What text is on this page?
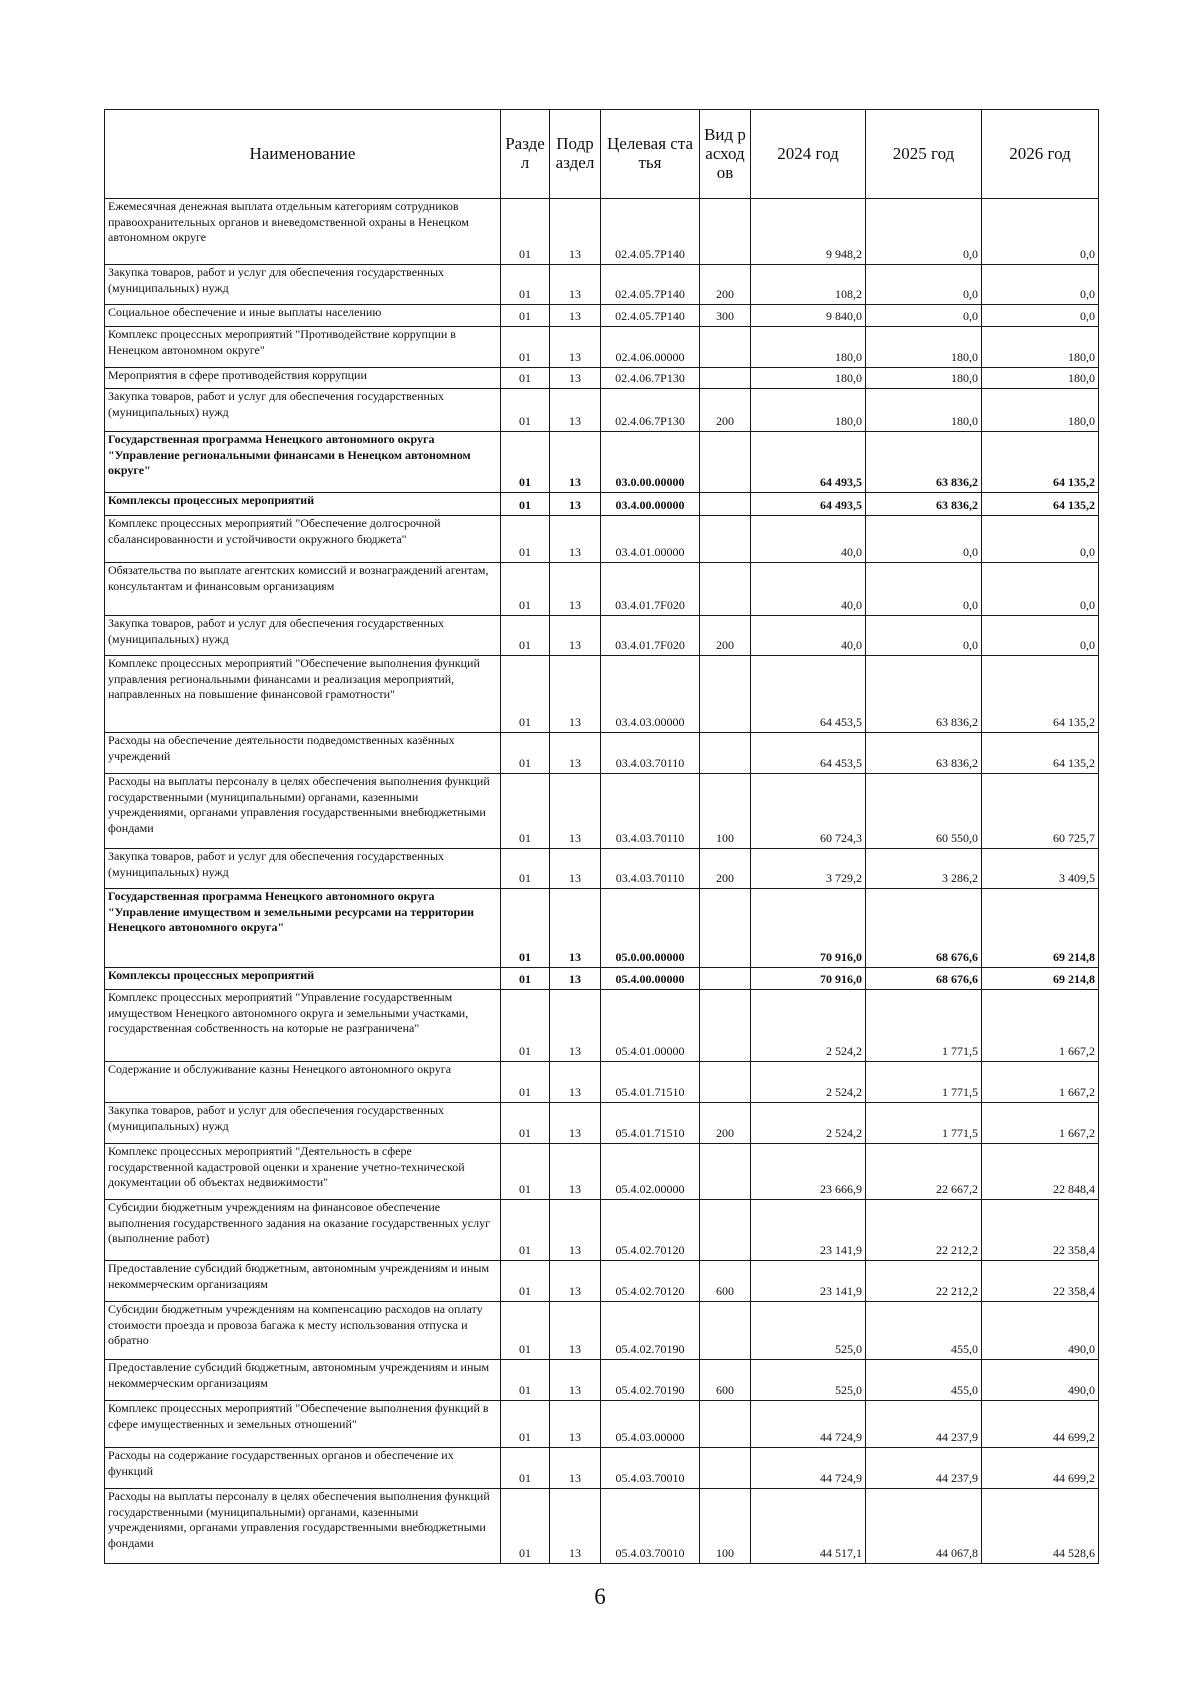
Наименование	Раздел	Подраздел	Целевая статья	Вид расходов	2024 год	2025 год	2026 год

Ежемесячная денежная выплата отдельным категориям сотрудников правоохранительных органов и вневедомственной охраны в Ненецком автономном округе	01	13	02.4.05.7P140		9 948,2	0,0	0,0

Закупка товаров, работ и услуг для обеспечения государственных (муниципальных) нужд	01	13	02.4.05.7P140	200	108,2	0,0	0,0

Социальное обеспечение и иные выплаты населению	01	13	02.4.05.7P140	300	9 840,0	0,0	0,0

Комплекс процессных мероприятий "Противодействие коррупции в Ненецком автономном округе"	01	13	02.4.06.00000		180,0	180,0	180,0

Мероприятия в сфере противодействия коррупции	01	13	02.4.06.7P130		180,0	180,0	180,0

Закупка товаров, работ и услуг для обеспечения государственных (муниципальных) нужд	01	13	02.4.06.7P130	200	180,0	180,0	180,0

Государственная программа Ненецкого автономного округа "Управление региональными финансами в Ненецком автономном округе"	01	13	03.0.00.00000		64 493,5	63 836,2	64 135,2

Комплексы процессных мероприятий	01	13	03.4.00.00000		64 493,5	63 836,2	64 135,2

Комплекс процессных мероприятий "Обеспечение долгосрочной сбалансированности и устойчивости окружного бюджета"	01	13	03.4.01.00000		40,0	0,0	0,0

Обязательства по выплате агентских комиссий и вознаграждений агентам, консультантам и финансовым организациям	01	13	03.4.01.7F020		40,0	0,0	0,0

Закупка товаров, работ и услуг для обеспечения государственных (муниципальных) нужд	01	13	03.4.01.7F020	200	40,0	0,0	0,0

Комплекс процессных мероприятий "Обеспечение выполнения функций управления региональными финансами и реализация мероприятий, направленных на повышение финансовой грамотности"	01	13	03.4.03.00000		64 453,5	63 836,2	64 135,2

Расходы на обеспечение деятельности подведомственных казённых учреждений	01	13	03.4.03.70110		64 453,5	63 836,2	64 135,2

Расходы на выплаты персоналу в целях обеспечения выполнения функций государственными (муниципальными) органами, казенными учреждениями, органами управления государственными внебюджетными фондами	01	13	03.4.03.70110	100	60 724,3	60 550,0	60 725,7

Закупка товаров, работ и услуг для обеспечения государственных (муниципальных) нужд	01	13	03.4.03.70110	200	3 729,2	3 286,2	3 409,5

Государственная программа Ненецкого автономного округа "Управление имуществом и земельными ресурсами на территории Ненецкого автономного округа"	01	13	05.0.00.00000		70 916,0	68 676,6	69 214,8

Комплексы процессных мероприятий	01	13	05.4.00.00000		70 916,0	68 676,6	69 214,8

Комплекс процессных мероприятий "Управление государственным имуществом Ненецкого автономного округа и земельными участками, государственная собственность на которые не разграничена"	01	13	05.4.01.00000		2 524,2	1 771,5	1 667,2

Содержание и обслуживание казны Ненецкого автономного округа	01	13	05.4.01.71510		2 524,2	1 771,5	1 667,2

Закупка товаров, работ и услуг для обеспечения государственных (муниципальных) нужд	01	13	05.4.01.71510	200	2 524,2	1 771,5	1 667,2

Комплекс процессных мероприятий "Деятельность в сфере государственной кадастровой оценки и хранение учетно-технической документации об объектах недвижимости"	01	13	05.4.02.00000		23 666,9	22 667,2	22 848,4

Субсидии бюджетным учреждениям на финансовое обеспечение выполнения государственного задания на оказание государственных услуг (выполнение работ)	01	13	05.4.02.70120		23 141,9	22 212,2	22 358,4

Предоставление субсидий бюджетным, автономным учреждениям и иным некоммерческим организациям	01	13	05.4.02.70120	600	23 141,9	22 212,2	22 358,4

Субсидии бюджетным учреждениям на компенсацию расходов на оплату стоимости проезда и провоза багажа к месту использования отпуска и обратно	01	13	05.4.02.70190		525,0	455,0	490,0

Предоставление субсидий бюджетным, автономным учреждениям и иным некоммерческим организациям	01	13	05.4.02.70190	600	525,0	455,0	490,0

Комплекс процессных мероприятий "Обеспечение выполнения функций в сфере имущественных и земельных отношений"	01	13	05.4.03.00000		44 724,9	44 237,9	44 699,2

Расходы на содержание государственных органов и обеспечение их функций	01	13	05.4.03.70010		44 724,9	44 237,9	44 699,2

Расходы на выплаты персоналу в целях обеспечения выполнения функций государственными (муниципальными) органами, казенными учреждениями, органами управления государственными внебюджетными фондами	01	13	05.4.03.70010	100	44 517,1	44 067,8	44 528,6
6
